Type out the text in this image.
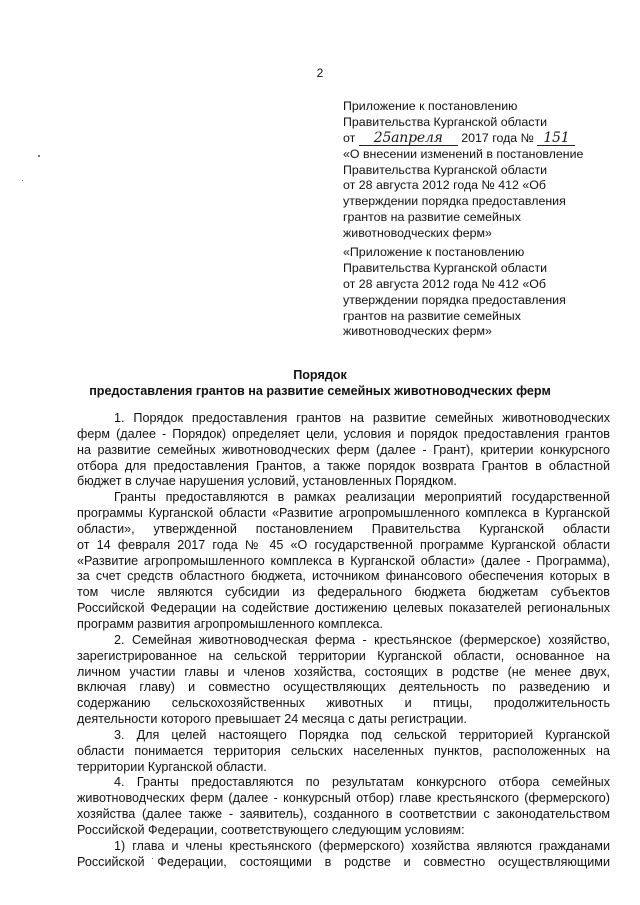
2
Приложение к постановлению
Правительства Курганской области
от 25апреля 2017 года № 151
«О внесении изменений в постановление
Правительства Курганской области
от 28 августа 2012 года № 412 «Об
утверждении порядка предоставления
грантов на развитие семейных
животноводческих ферм»
«Приложение к постановлению
Правительства Курганской области
от 28 августа 2012 года № 412 «Об
утверждении порядка предоставления
грантов на развитие семейных
животноводческих ферм»
Порядок
предоставления грантов на развитие семейных животноводческих ферм
1. Порядок предоставления грантов на развитие семейных животноводческих
ферм (далее - Порядок) определяет цели, условия и порядок предоставления грантов
на развитие семейных животноводческих ферм (далее - Грант), критерии конкурсного
отбора для предоставления Грантов, а также порядок возврата Грантов в областной
бюджет в случае нарушения условий, установленных Порядком.
Гранты предоставляются в рамках реализации мероприятий государственной
программы Курганской области «Развитие агропромышленного комплекса в Курганской
области», утвержденной постановлением Правительства Курганской области
от 14 февраля 2017 года № 45 «О государственной программе Курганской области
«Развитие агропромышленного комплекса в Курганской области» (далее - Программа),
за счет средств областного бюджета, источником финансового обеспечения которых в
том числе являются субсидии из федерального бюджета бюджетам субъектов
Российской Федерации на содействие достижению целевых показателей региональных
программ развития агропромышленного комплекса.
2. Семейная животноводческая ферма - крестьянское (фермерское) хозяйство,
зарегистрированное на сельской территории Курганской области, основанное на
личном участии главы и членов хозяйства, состоящих в родстве (не менее двух,
включая главу) и совместно осуществляющих деятельность по разведению и
содержанию сельскохозяйственных животных и птицы, продолжительность
деятельности которого превышает 24 месяца с даты регистрации.
3. Для целей настоящего Порядка под сельской территорией Курганской
области понимается территория сельских населенных пунктов, расположенных на
территории Курганской области.
4. Гранты предоставляются по результатам конкурсного отбора семейных
животноводческих ферм (далее - конкурсный отбор) главе крестьянского (фермерского)
хозяйства (далее также - заявитель), созданного в соответствии с законодательством
Российской Федерации, соответствующего следующим условиям:
1) глава и члены крестьянского (фермерского) хозяйства являются гражданами
Российской Федерации, состоящими в родстве и совместно осуществляющими
